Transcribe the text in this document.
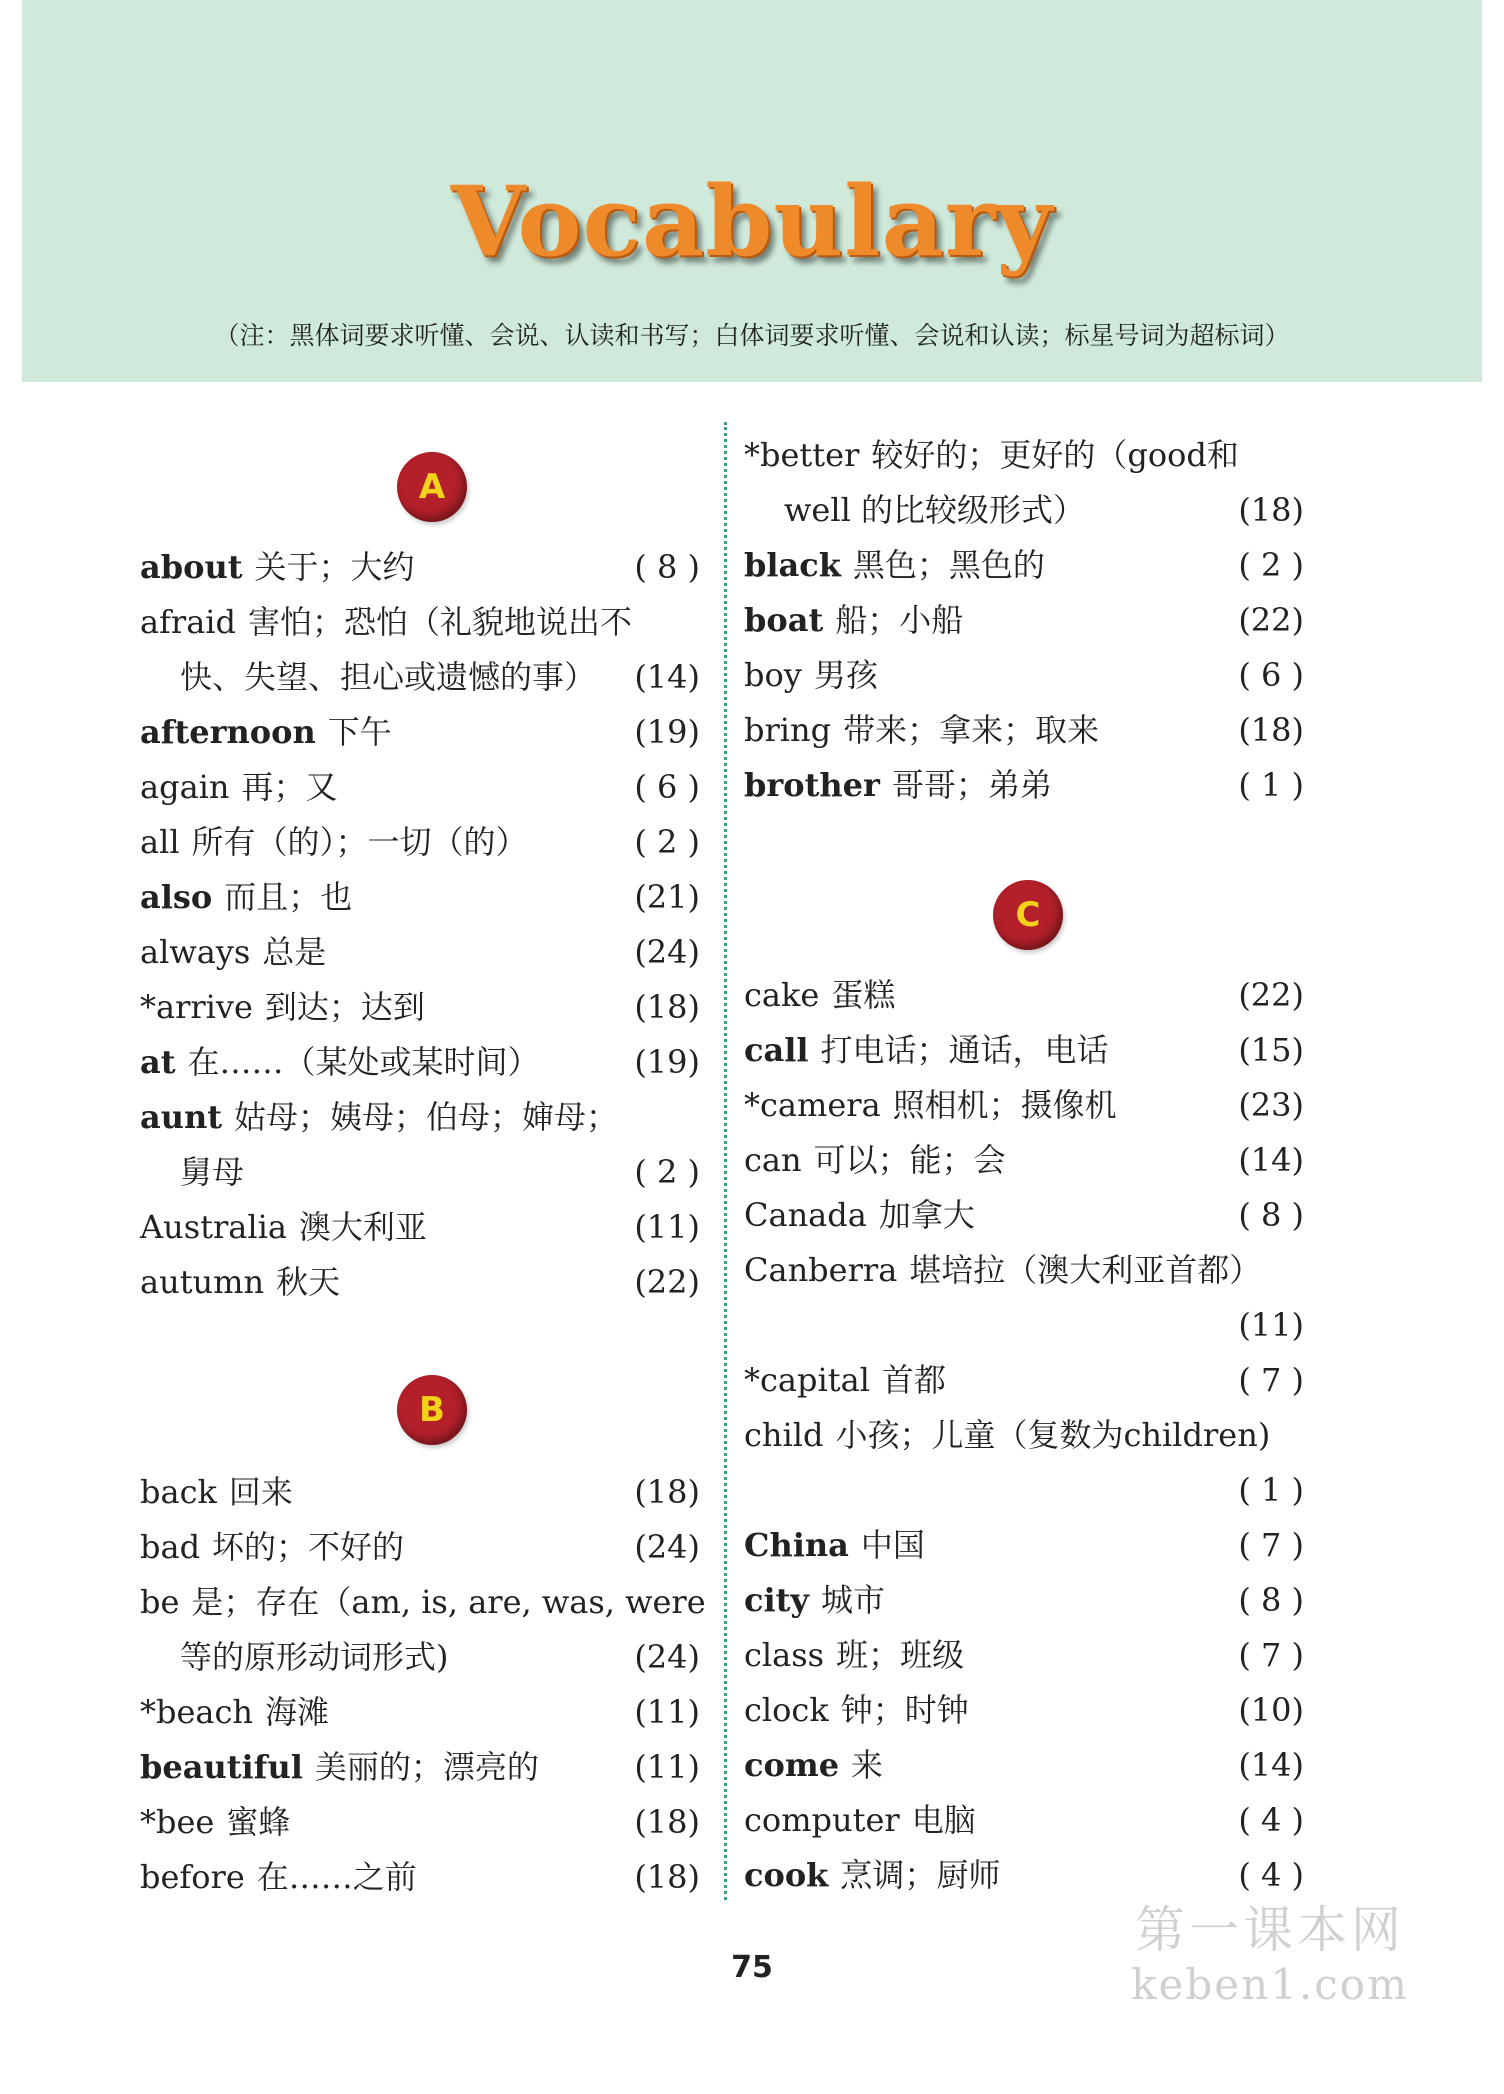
Vocabulary
（注：黑体词要求听懂、会说、认读和书写；白体词要求听懂、会说和认读；标星号词为超标词）
A
about 关于；大约	( 8 )
afraid 害怕；恐怕（礼貌地说出不
快、失望、担心或遗憾的事） (14)
afternoon 下午	(19)
again 再；又	( 6 )
all 所有（的）；一切（的）	( 2 )
also 而且；也	(21)
always 总是	(24)
*arrive 到达；达到	(18)
at 在……（某处或某时间）	(19)
aunt 姑母；姨母；伯母；婶母；
舅母	( 2 )
Australia 澳大利亚	(11)
autumn 秋天	(22)
B
back 回来	(18)
bad 坏的；不好的	(24)
be 是；存在（am, is, are, was, were
等的原形动词形式)	(24)
*beach 海滩	(11)
beautiful 美丽的；漂亮的	(11)
*bee 蜜蜂	(18)
before 在……之前	(18)
*better 较好的；更好的（good和
well 的比较级形式）	(18)
black 黑色；黑色的	( 2 )
boat 船；小船	(22)
boy 男孩	( 6 )
bring 带来；拿来；取来	(18)
brother 哥哥；弟弟	( 1 )
C
cake 蛋糕	(22)
call 打电话；通话，电话	(15)
*camera 照相机；摄像机	(23)
can 可以；能；会	(14)
Canada 加拿大	( 8 )
Canberra 堪培拉（澳大利亚首都）
(11)
*capital 首都	( 7 )
child 小孩；儿童（复数为children)
( 1 )
China 中国	( 7 )
city 城市	( 8 )
class 班；班级	( 7 )
clock 钟；时钟	(10)
come 来	(14)
computer 电脑	( 4 )
cook 烹调；厨师	( 4 )
75
第一课本网
keben1.com
